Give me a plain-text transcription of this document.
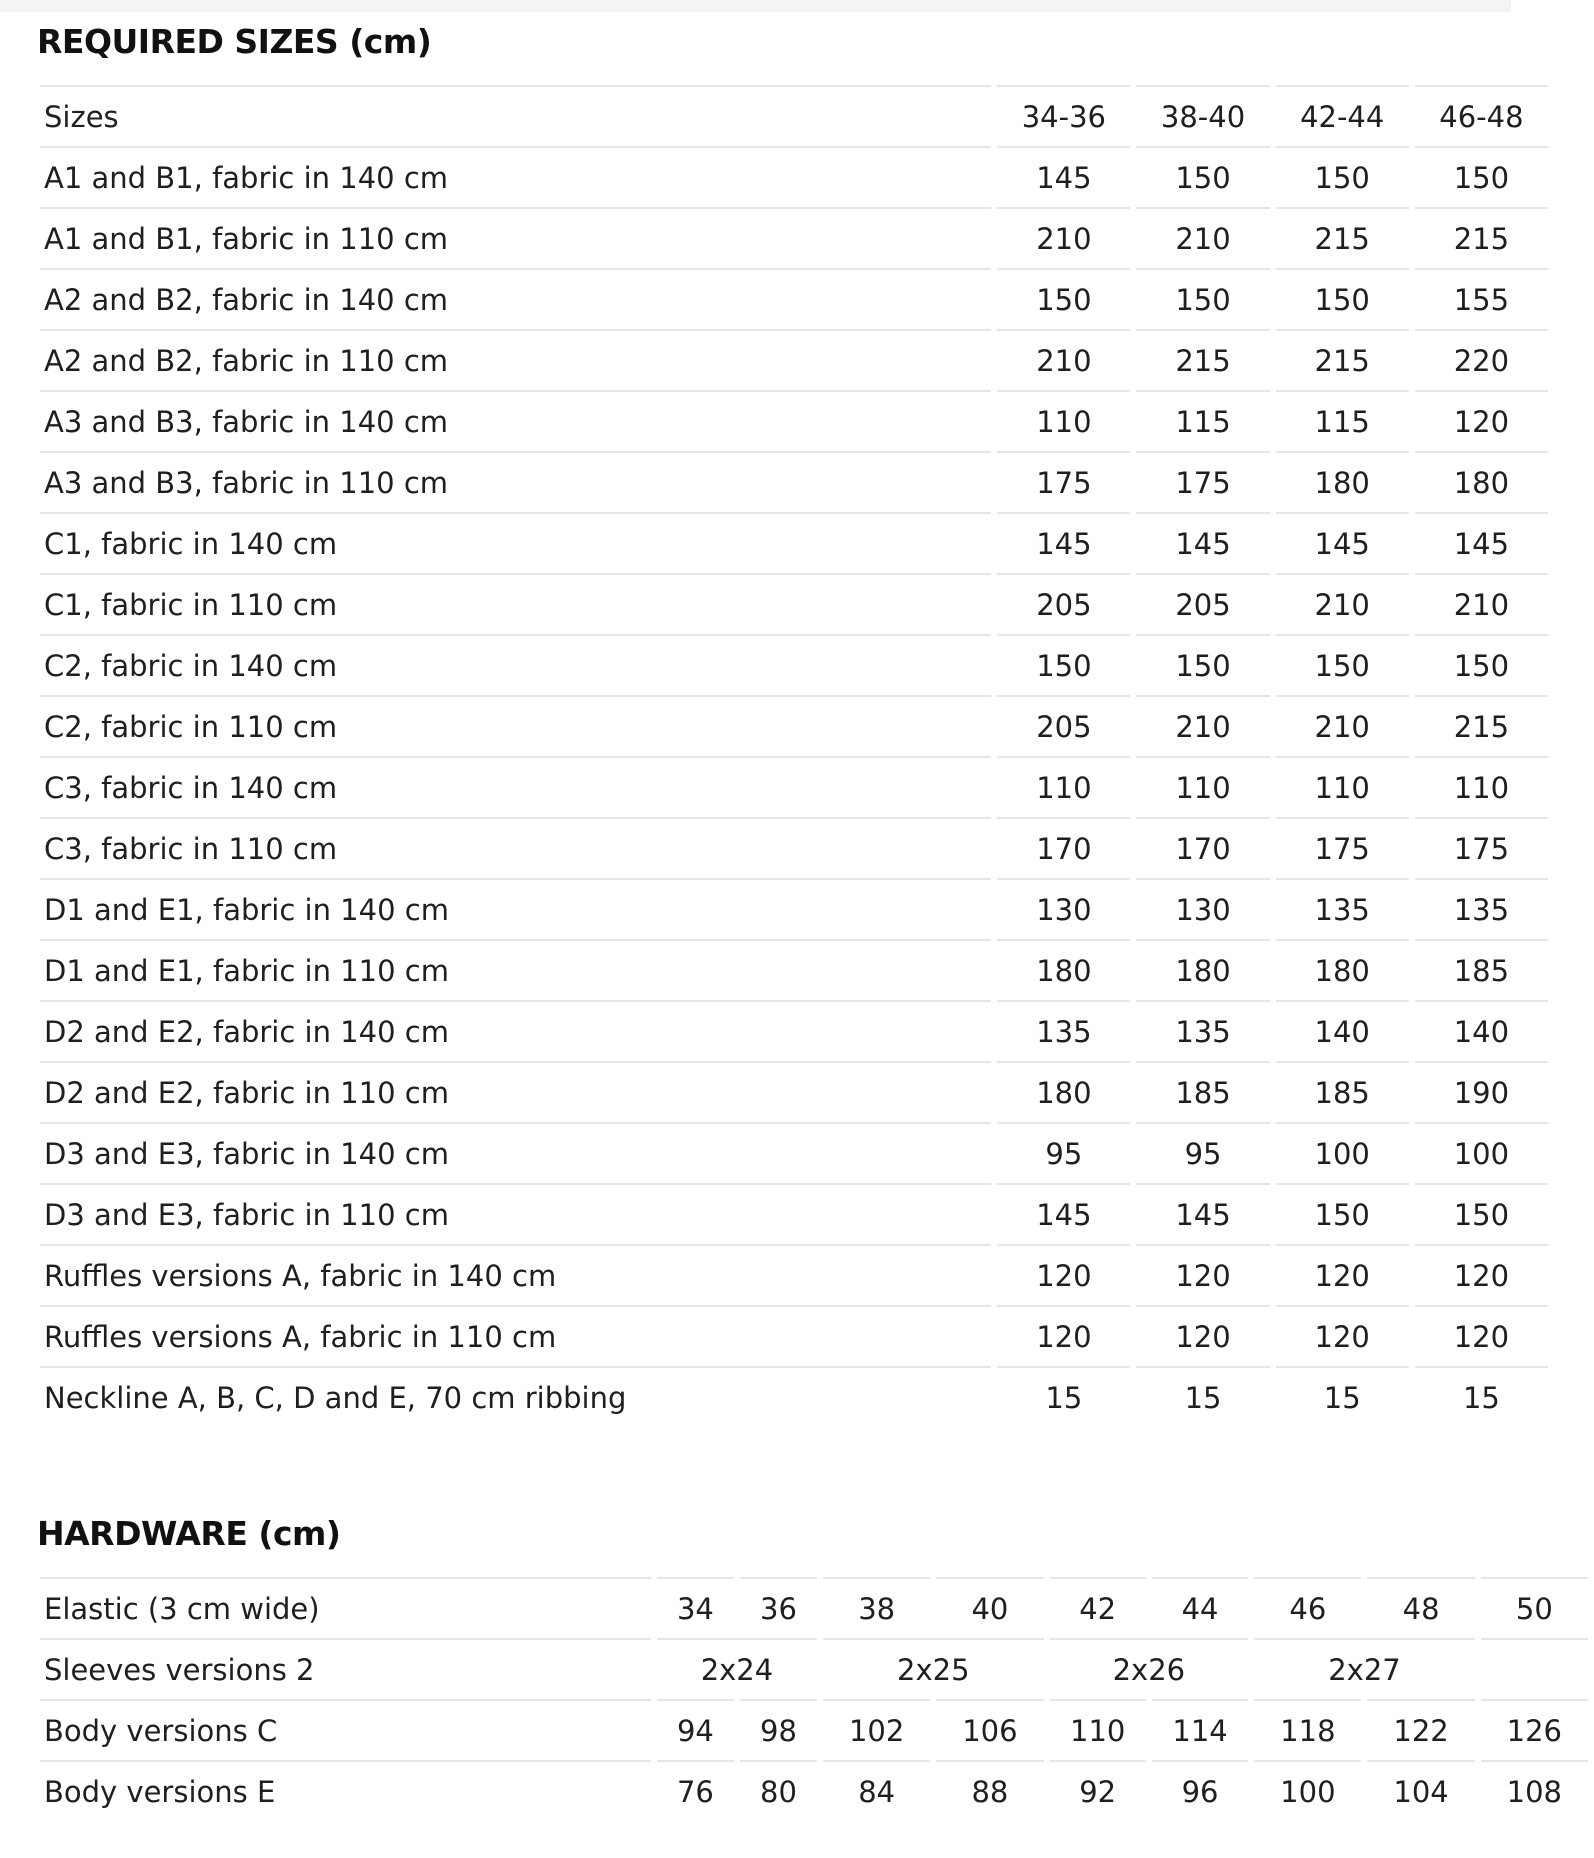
REQUIRED SIZES (cm)
Sizes	34-36	38-40	42-44	46-48
A1 and B1, fabric in 140 cm	145	150	150	150
A1 and B1, fabric in 110 cm	210	210	215	215
A2 and B2, fabric in 140 cm	150	150	150	155
A2 and B2, fabric in 110 cm	210	215	215	220
A3 and B3, fabric in 140 cm	110	115	115	120
A3 and B3, fabric in 110 cm	175	175	180	180
C1, fabric in 140 cm	145	145	145	145
C1, fabric in 110 cm	205	205	210	210
C2, fabric in 140 cm	150	150	150	150
C2, fabric in 110 cm	205	210	210	215
C3, fabric in 140 cm	110	110	110	110
C3, fabric in 110 cm	170	170	175	175
D1 and E1, fabric in 140 cm	130	130	135	135
D1 and E1, fabric in 110 cm	180	180	180	185
D2 and E2, fabric in 140 cm	135	135	140	140
D2 and E2, fabric in 110 cm	180	185	185	190
D3 and E3, fabric in 140 cm	95	95	100	100
D3 and E3, fabric in 110 cm	145	145	150	150
Ruffles versions A, fabric in 140 cm	120	120	120	120
Ruffles versions A, fabric in 110 cm	120	120	120	120
Neckline A, B, C, D and E, 70 cm ribbing	15	15	15	15
HARDWARE (cm)
Elastic (3 cm wide)	34	36	38	40	42	44	46	48	50
Sleeves versions 2	2x24		2x25		2x26		2x27		
Body versions C	94	98	102	106	110	114	118	122	126
Body versions E	76	80	84	88	92	96	100	104	108
